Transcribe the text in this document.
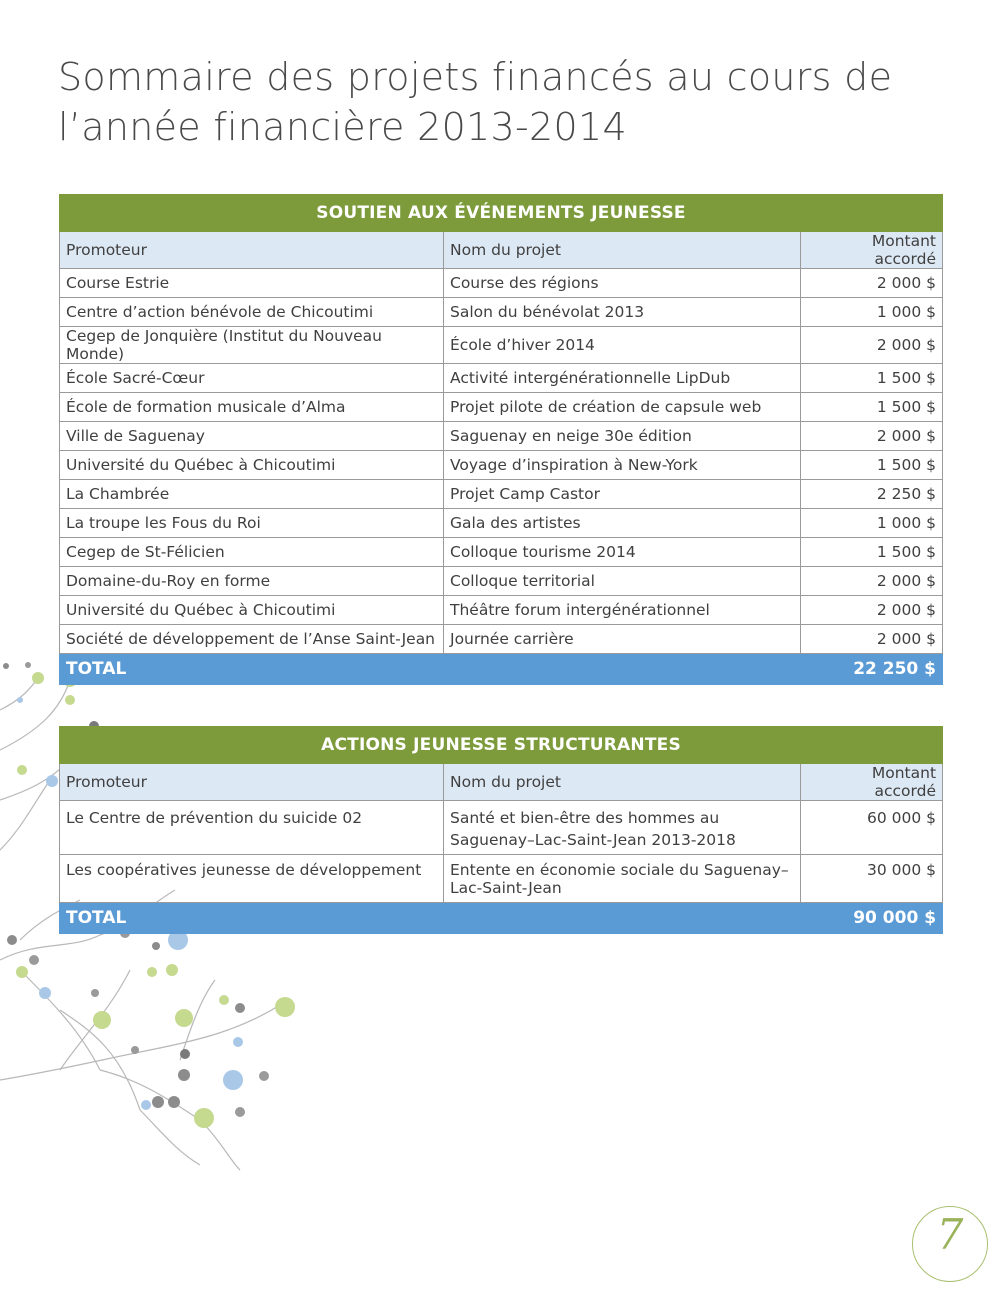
Sommaire des projets financés au cours de
l’année financière 2013-2014
SOUTIEN AUX ÉVÉNEMENTS JEUNESSE		
Promoteur	Nom du projet	Montant accordé
Course Estrie	Course des régions	2 000 $
Centre d’action bénévole de Chicoutimi	Salon du bénévolat 2013	1 000 $
Cegep de Jonquière (Institut du Nouveau Monde)	École d’hiver 2014	2 000 $
École Sacré-Cœur	Activité intergénérationnelle LipDub	1 500 $
École de formation musicale d’Alma	Projet pilote de création de capsule web	1 500 $
Ville de Saguenay	Saguenay en neige 30e édition	2 000 $
Université du Québec à Chicoutimi	Voyage d’inspiration à New-York	1 500 $
La Chambrée	Projet Camp Castor	2 250 $
La troupe les Fous du Roi	Gala des artistes	1 000 $
Cegep de St-Félicien	Colloque tourisme 2014	1 500 $
Domaine-du-Roy en forme	Colloque territorial	2 000 $
Université du Québec à Chicoutimi	Théâtre forum intergénérationnel	2 000 $
Société de développement de l’Anse Saint-Jean	Journée carrière	2 000 $
TOTAL		22 250 $
ACTIONS JEUNESSE STRUCTURANTES		
Promoteur	Nom du projet	Montant accordé
Le Centre de prévention du suicide 02	Santé et bien-être des hommes au Saguenay–Lac-Saint-Jean 2013-2018	60 000 $
Les coopératives jeunesse de développement	Entente en économie sociale du Saguenay–Lac-Saint-Jean	30 000 $
TOTAL		90 000 $
7
